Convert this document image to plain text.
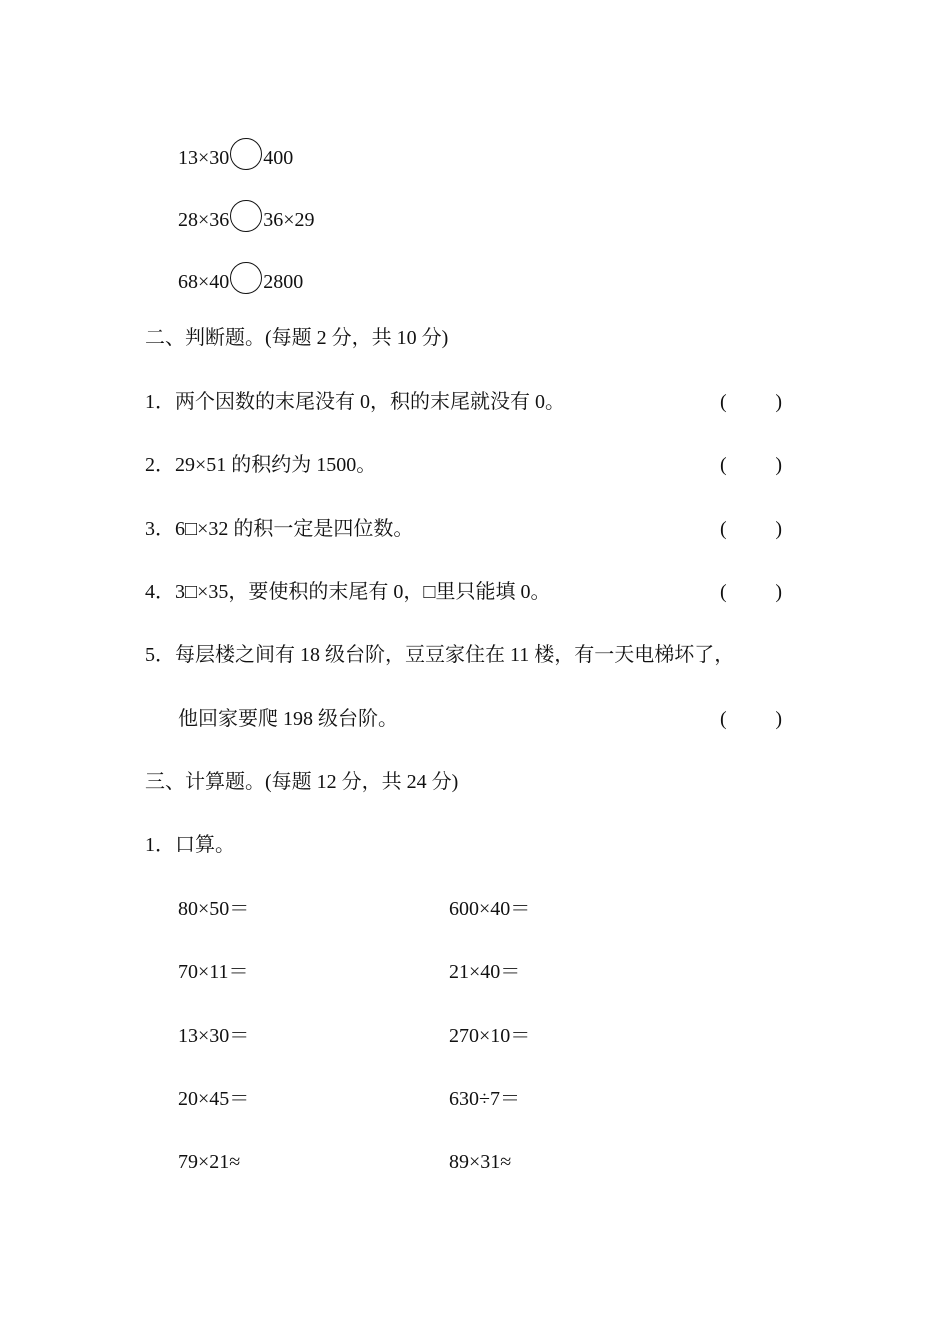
13×30 400
28×36 36×29
68×40 2800
二、判断题。(每题 2 分，共 10 分)
1．两个因数的末尾没有 0，积的末尾就没有 0。	( )
2．29×51 的积约为 1500。	( )
3．6□×32 的积一定是四位数。	( )
4．3□×35，要使积的末尾有 0，□里只能填 0。	( )
5．每层楼之间有 18 级台阶，豆豆家住在 11 楼，有一天电梯坏了，
他回家要爬 198 级台阶。	( )
三、计算题。(每题 12 分，共 24 分)
1．口算。
80×50＝	600×40＝
70×11＝	21×40＝
13×30＝	270×10＝
20×45＝	630÷7＝
79×21≈	89×31≈
